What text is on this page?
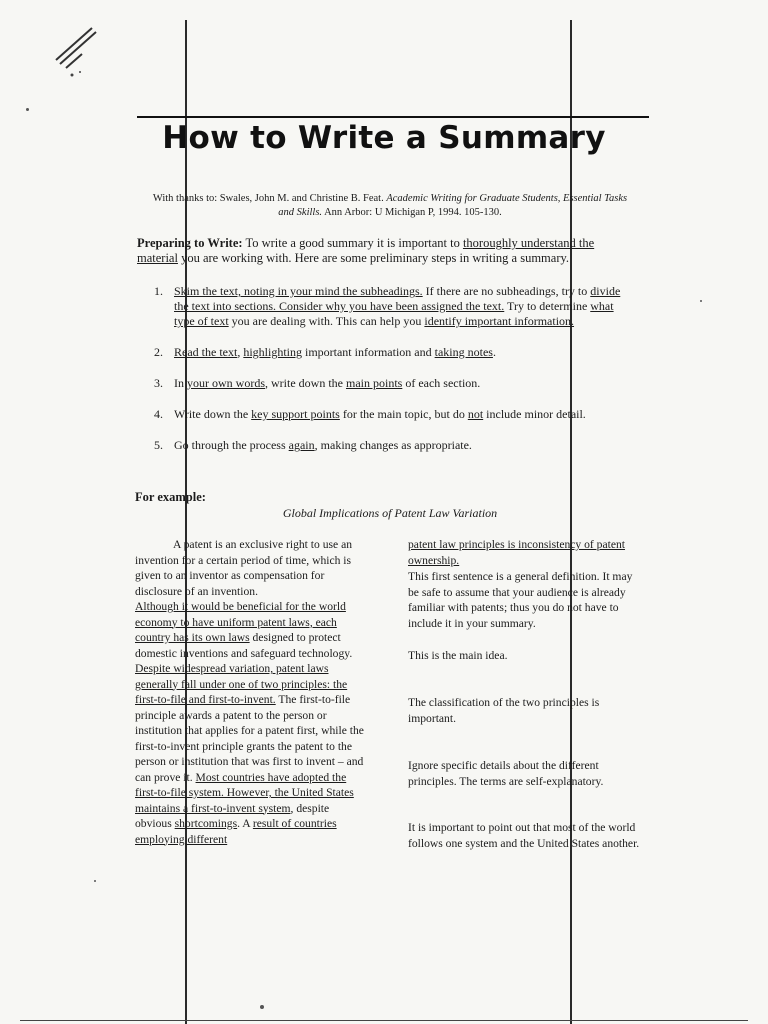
How to Write a Summary
With thanks to: Swales, John M. and Christine B. Feat. Academic Writing for Graduate Students, Essential Tasks and Skills. Ann Arbor: U Michigan P, 1994. 105-130.
Preparing to Write: To write a good summary it is important to thoroughly understand the material you are working with. Here are some preliminary steps in writing a summary.
1. Skim the text, noting in your mind the subheadings. If there are no subheadings, try to divide the text into sections. Consider why you have been assigned the text. Try to determine what type of text you are dealing with. This can help you identify important information.
2. Read the text, highlighting important information and taking notes.
3. In your own words, write down the main points of each section.
4. Write down the key support points for the main topic, but do not include minor detail.
5. Go through the process again, making changes as appropriate.
For example:
Global Implications of Patent Law Variation
A patent is an exclusive right to use an invention for a certain period of time, which is given to an inventor as compensation for disclosure of an invention.
Although it would be beneficial for the world economy to have uniform patent laws, each country has its own laws designed to protect domestic inventions and safeguard technology. Despite widespread variation, patent laws generally fall under one of two principles: the first-to-file and first-to-invent. The first-to-file principle awards a patent to the person or institution that applies for a patent first, while the first-to-invent principle grants the patent to the person or institution that was first to invent – and can prove it. Most countries have adopted the first-to-file system. However, the United States maintains a first-to-invent system, despite obvious shortcomings. A result of countries employing different
patent law principles is inconsistency of patent ownership.
This first sentence is a general definition. It may be safe to assume that your audience is already familiar with patents; thus you do not have to include it in your summary.
This is the main idea.
The classification of the two principles is important.
Ignore specific details about the different principles. The terms are self-explanatory.
It is important to point out that most of the world follows one system and the United States another.
